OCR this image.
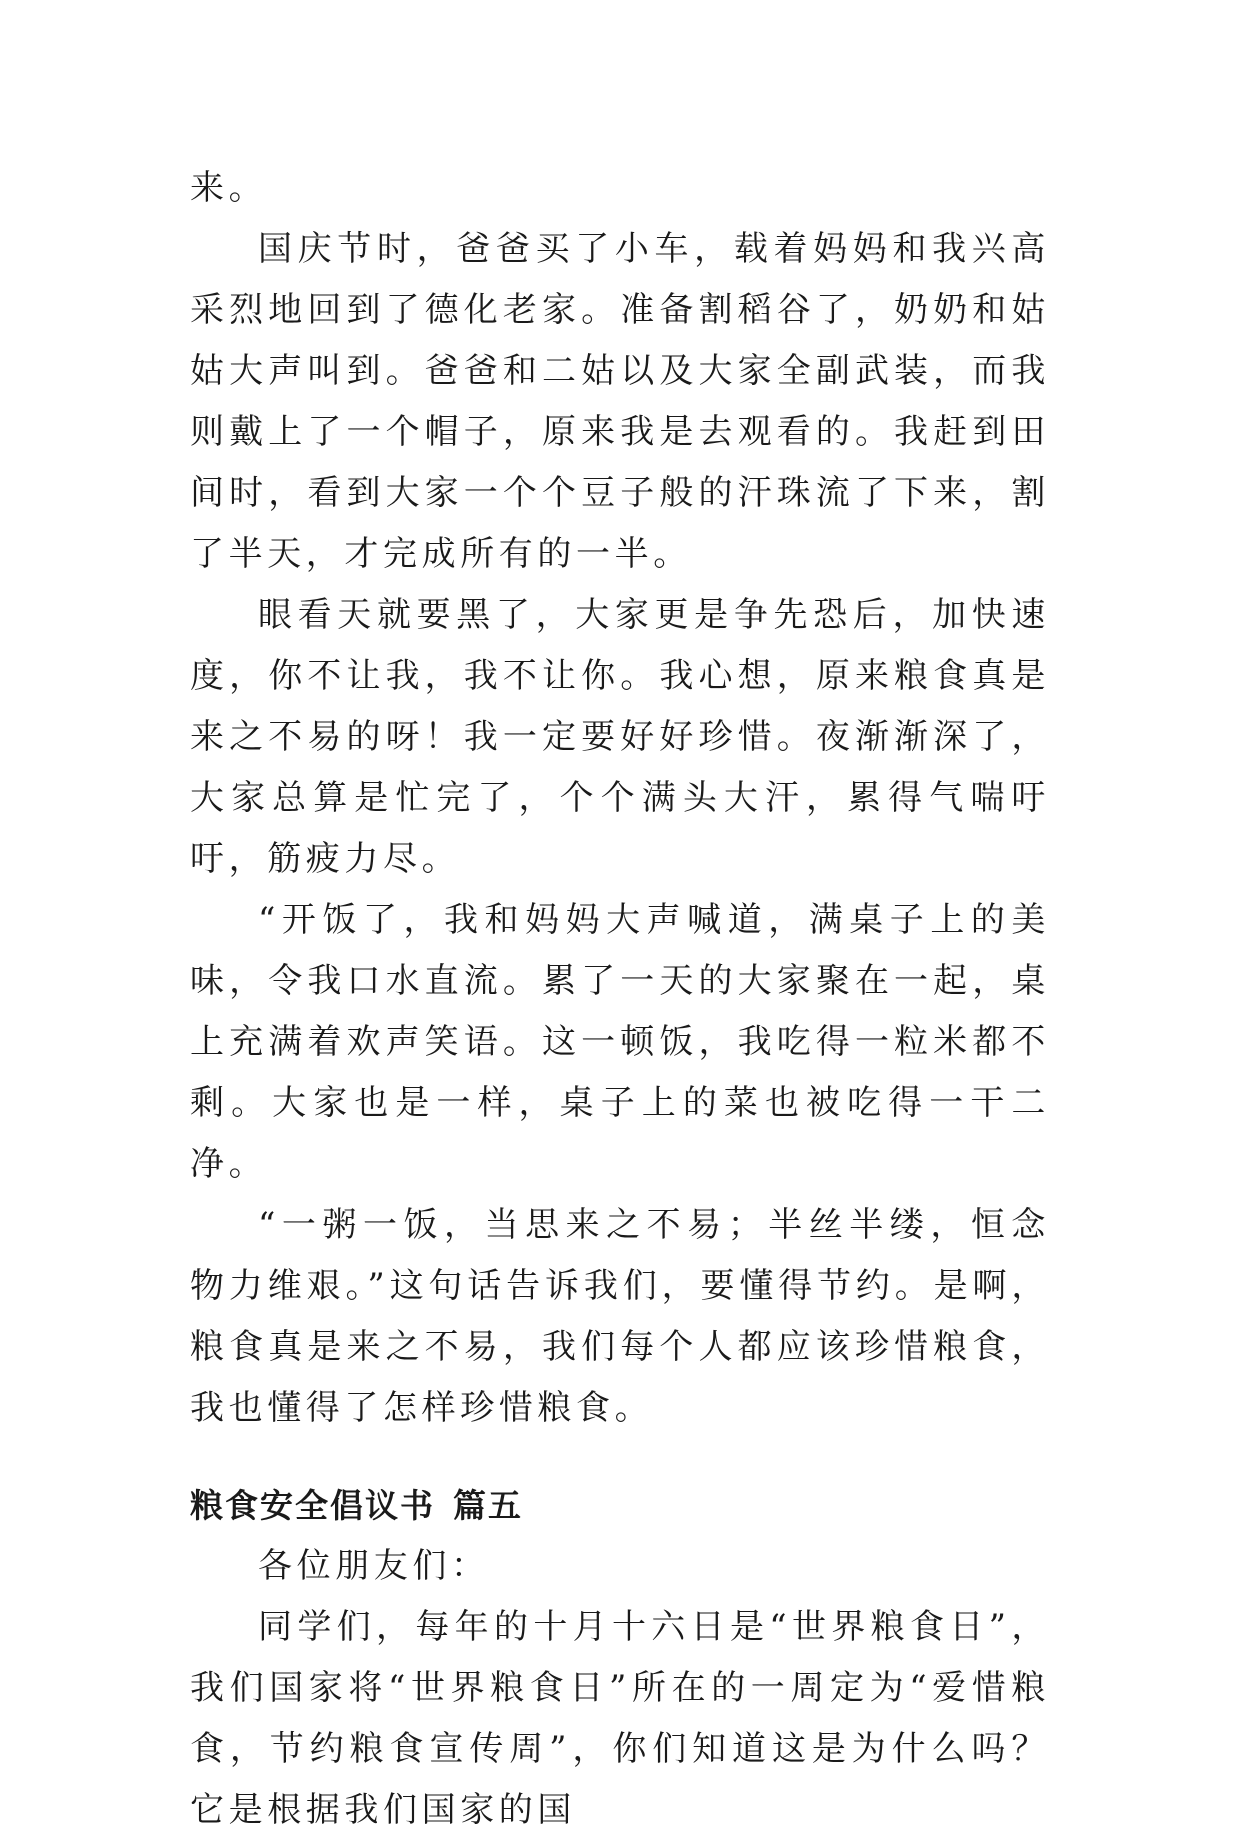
来。

国庆节时，爸爸买了小车，载着妈妈和我兴高采烈地回到了德化老家。准备割稻谷了，奶奶和姑姑大声叫到。爸爸和二姑以及大家全副武装，而我则戴上了一个帽子，原来我是去观看的。我赶到田间时，看到大家一个个豆子般的汗珠流了下来，割了半天，才完成所有的一半。

眼看天就要黑了，大家更是争先恐后，加快速度，你不让我，我不让你。我心想，原来粮食真是来之不易的呀！我一定要好好珍惜。夜渐渐深了，大家总算是忙完了，个个满头大汗，累得气喘吁吁，筋疲力尽。

“开饭了，我和妈妈大声喊道，满桌子上的美味，令我口水直流。累了一天的大家聚在一起，桌上充满着欢声笑语。这一顿饭，我吃得一粒米都不剩。大家也是一样，桌子上的菜也被吃得一干二净。

“一粥一饭，当思来之不易；半丝半缕，恒念物力维艰。”这句话告诉我们，要懂得节约。是啊，粮食真是来之不易，我们每个人都应该珍惜粮食，我也懂得了怎样珍惜粮食。

粮食安全倡议书 篇五

各位朋友们：

同学们，每年的十月十六日是“世界粮食日”，我们国家将“世界粮食日”所在的一周定为“爱惜粮食，节约粮食宣传周”，你们知道这是为什么吗？它是根据我们国家的国
